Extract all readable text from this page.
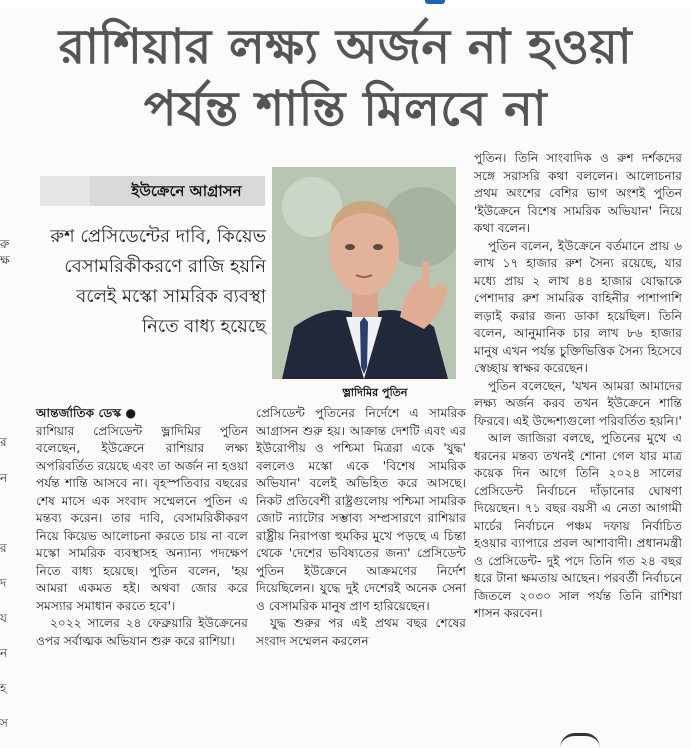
রাশিয়ার লক্ষ্য অর্জন না হওয়া
পর্যন্ত শান্তি মিলবে না
রু
ক্ষ
র
ন
র
দ
য
ন
হ
স
ইউক্রেনে আগ্রাসন
রুশ প্রেসিডেন্টের দাবি, কিয়েভ বেসামরিকীকরণে রাজি হয়নি বলেই মস্কো সামরিক ব্যবস্থা নিতে বাধ্য হয়েছে
ভ্লাদিমির পুতিন

আন্তর্জাতিক ডেস্ক ●

রাশিয়ার প্রেসিডেন্ট ভ্লাদিমির পুতিন বলেছেন, ইউক্রেনে রাশিয়ার লক্ষ্য অপরিবর্তিত রয়েছে এবং তা অর্জন না হওয়া পর্যন্ত শান্তি আসবে না। বৃহস্পতিবার বছরের শেষ মাসে এক সংবাদ সম্মেলনে পুতিন এ মন্তব্য করেন। তার দাবি, বেসামরিকীকরণ নিয়ে কিয়েভ আলোচনা করতে চায় না বলে মস্কো সামরিক ব্যবস্থাসহ অন্যান্য পদক্ষেপ নিতে বাধ্য হয়েছে। পুতিন বলেন, 'হয় আমরা একমত হই। অথবা জোর করে সমস্যার সমাধান করতে হবে'।

২০২২ সালের ২৪ ফেব্রুয়ারি ইউক্রেনের ওপর সর্বাত্মক অভিযান শুরু করে রাশিয়া।

প্রেসিডেন্ট পুতিনের নির্দেশে এ সামরিক আগ্রাসন শুরু হয়। আক্রান্ত দেশটি এবং এর ইউরোপীয় ও পশ্চিমা মিত্ররা একে 'যুদ্ধ' বললেও মস্কো একে 'বিশেষ সামরিক অভিযান' বলেই অভিহিত করে আসছে। নিকট প্রতিবেশী রাষ্ট্রগুলোয় পশ্চিমা সামরিক জোট ন্যাটোর সম্ভাব্য সম্প্রসারণে রাশিয়ার রাষ্ট্রীয় নিরাপত্তা হুমকির মুখে পড়ছে এ চিন্তা থেকে 'দেশের ভবিষ্যতের জন্য' প্রেসিডেন্ট পুতিন ইউক্রেনে আক্রমণের নির্দেশ দিয়েছিলেন। যুদ্ধে দুই দেশেরই অনেক সেনা ও বেসামরিক মানুষ প্রাণ হারিয়েছেন।

যুদ্ধ শুরুর পর এই প্রথম বছর শেষের সংবাদ সম্মেলন করলেন

পুতিন। তিনি সাংবাদিক ও রুশ দর্শকদের সঙ্গে সরাসরি কথা বললেন। আলোচনার প্রথম অংশের বেশির ভাগ অংশই পুতিন 'ইউক্রেনে বিশেষ সামরিক অভিযান' নিয়ে কথা বলেন।

পুতিন বলেন, ইউক্রেনে বর্তমানে প্রায় ৬ লাখ ১৭ হাজার রুশ সৈন্য রয়েছে, যার মধ্যে প্রায় ২ লাখ ৪৪ হাজার যোদ্ধাকে পেশাদার রুশ সামরিক বাহিনীর পাশাপাশি লড়াই করার জন্য ডাকা হয়েছিল। তিনি বলেন, আনুমানিক চার লাখ ৮৬ হাজার মানুষ এখন পর্যন্ত চুক্তিভিত্তিক সৈন্য হিসেবে স্বেচ্ছায় স্বাক্ষর করেছেন।

পুতিন বলেছেন, 'যখন আমরা আমাদের লক্ষ্য অর্জন করব তখন ইউক্রেনে শান্তি ফিরবে। এই উদ্দেশ্যগুলো পরিবর্তিত হয়নি।'

আল জাজিরা বলছে, পুতিনের মুখে এ ধরনের মন্তব্য তখনই শোনা গেল যার মাত্র কয়েক দিন আগে তিনি ২০২৪ সালের প্রেসিডেন্ট নির্বাচনে দাঁড়ানোর ঘোষণা দিয়েছেন। ৭১ বছর বয়সী এ নেতা আগামী মার্চের নির্বাচনে পঞ্চম দফায় নির্বাচিত হওয়ার ব্যাপারে প্রবল আশাবাদী। প্রধানমন্ত্রী ও প্রেসিডেন্ট- দুই পদে তিনি গত ২৪ বছর ধরে টানা ক্ষমতায় আছেন। পরবর্তী নির্বাচনে জিতলে ২০৩০ সাল পর্যন্ত তিনি রাশিয়া শাসন করবেন।
